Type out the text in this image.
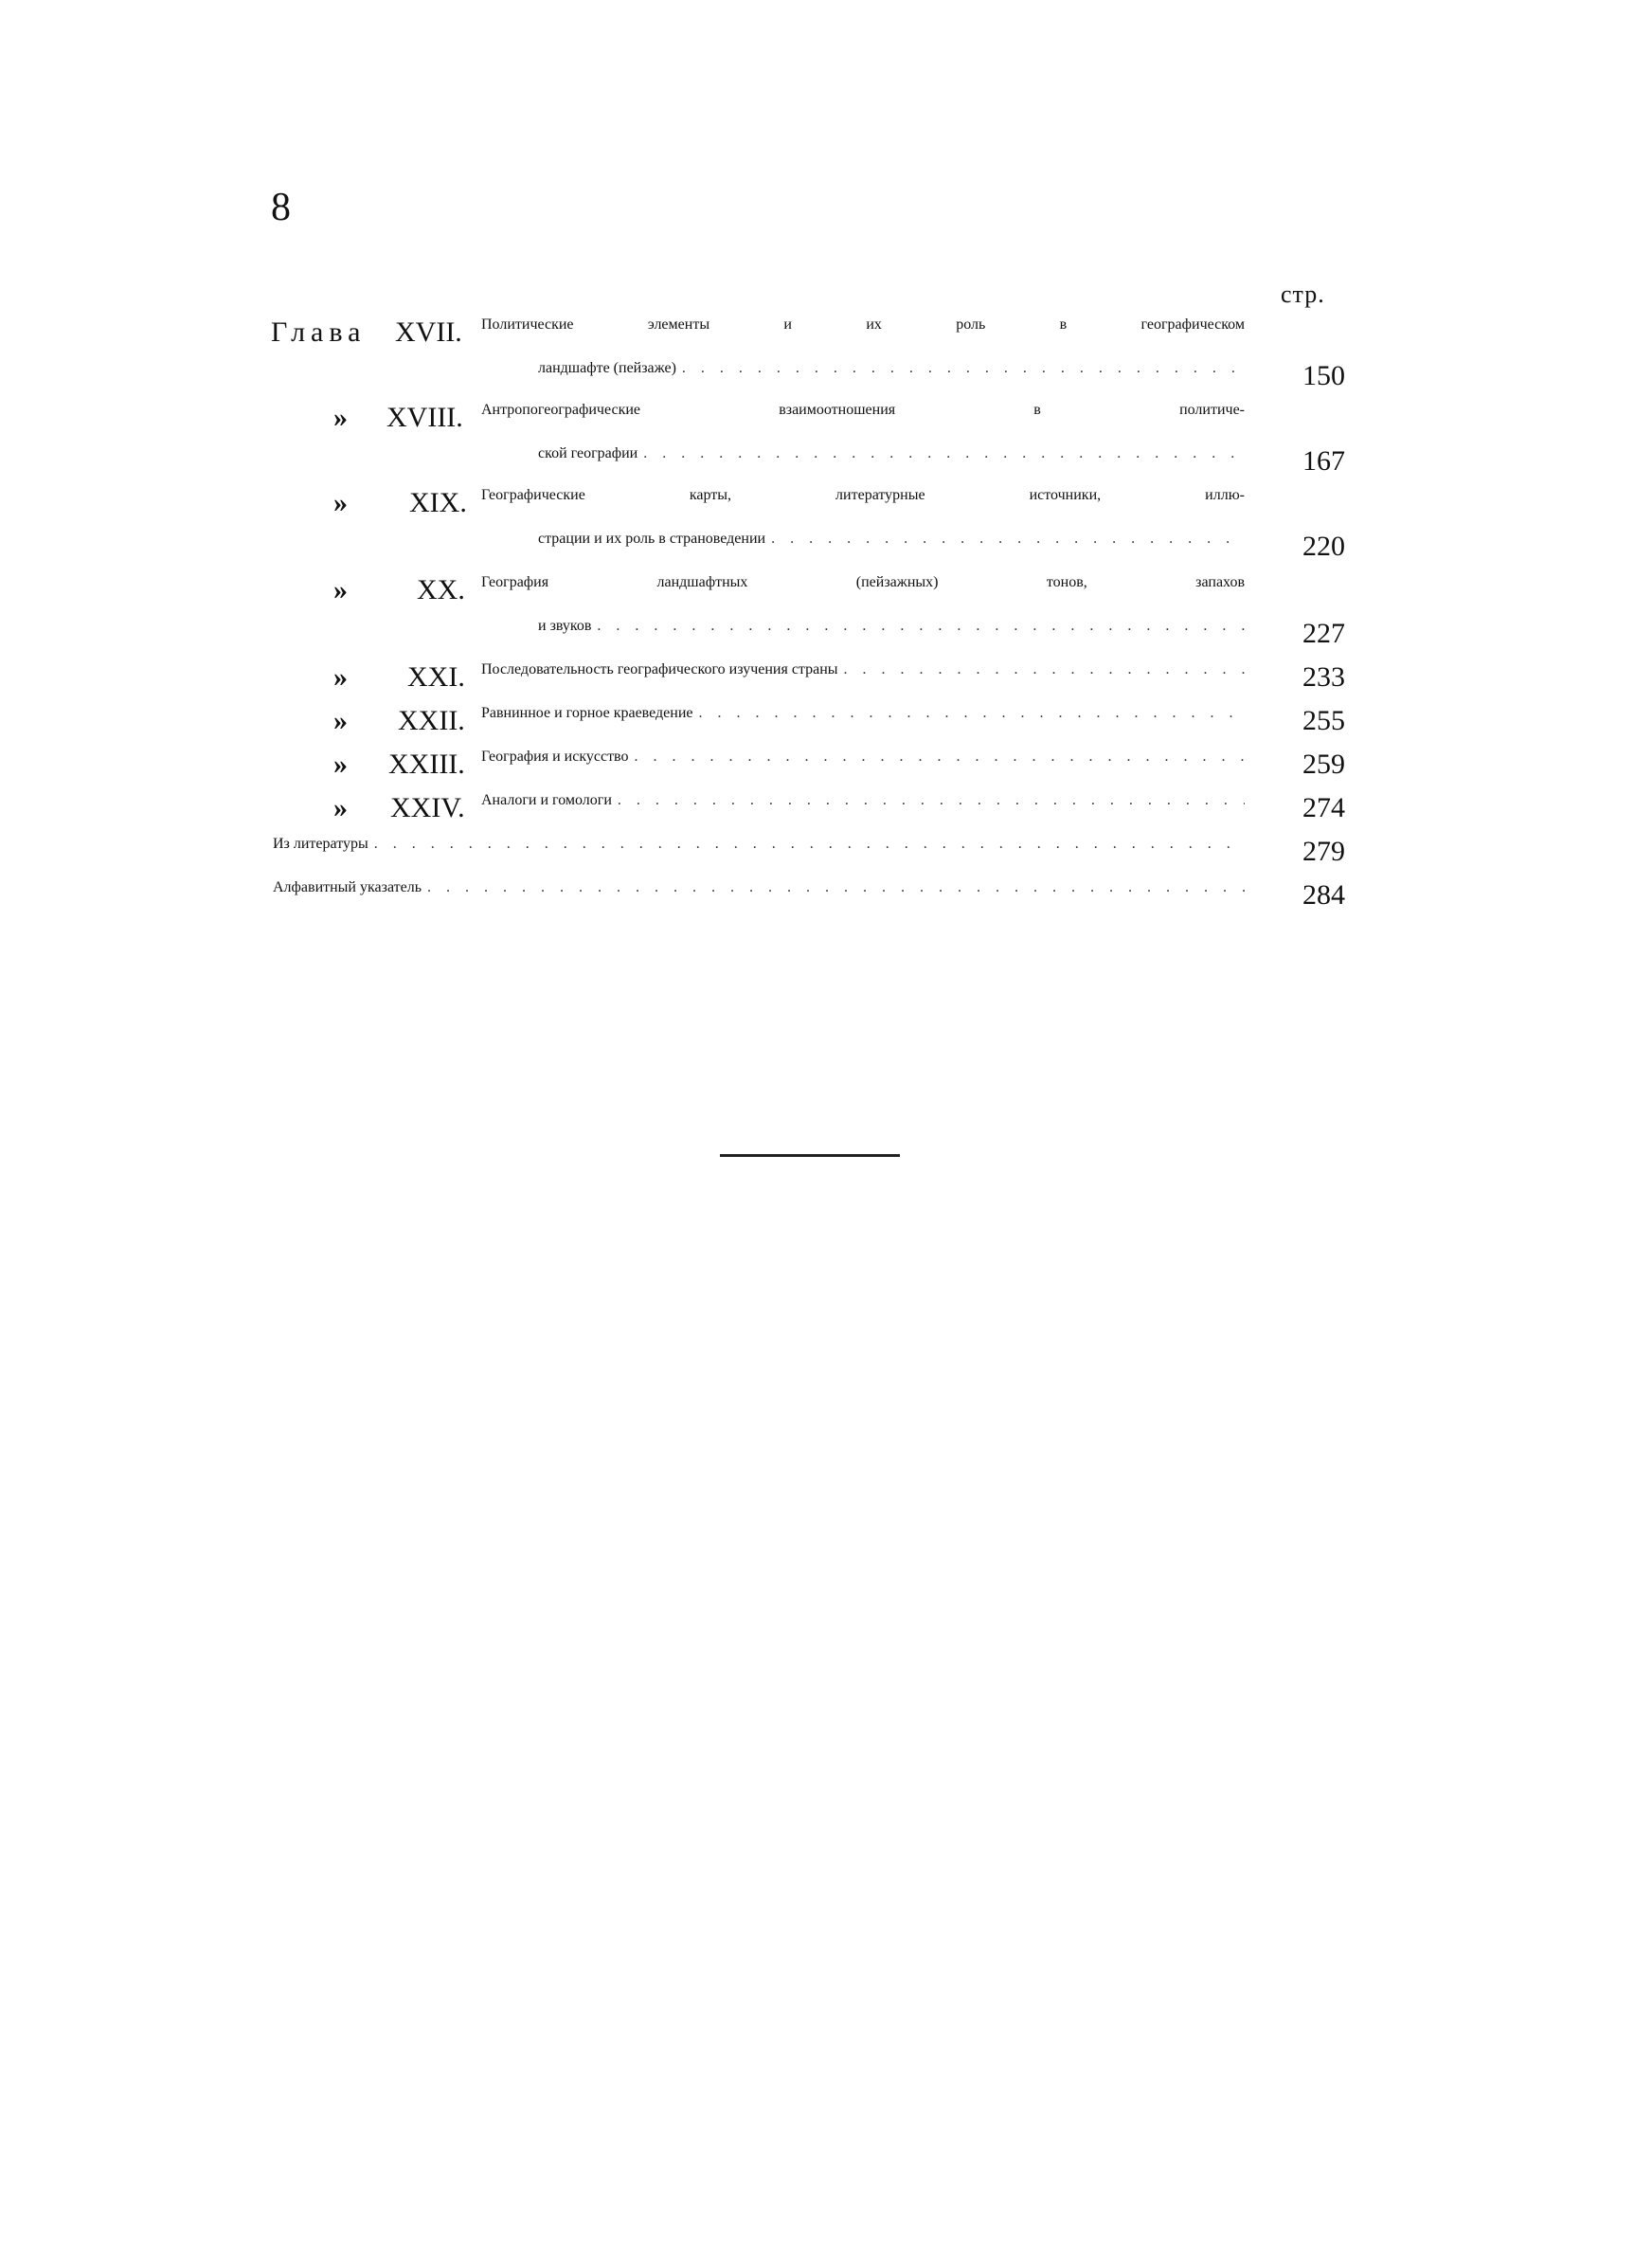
8
стр.
Глава XVII. Политические элементы и их роль в географическом
ландшафте (пейзаже) . . .	150
» XVIII. Антропогеографические взаимоотношения в политиче-
ской географии . . .	167
» XIX. Географические карты, литературные источники, иллю-
страции и их роль в страноведении . . .	220
» XX. География ландшафтных (пейзажных) тонов, запахов
и звуков . . .	227
» XXI. Последовательность географического изучения страны . . .	233
» XXII. Равнинное и горное краеведение . . .	255
» XXIII. География и искусство . . .	259
» XXIV. Аналоги и гомологи . . .	274
Из литературы . . .	279
Алфавитный указатель . . .	284
